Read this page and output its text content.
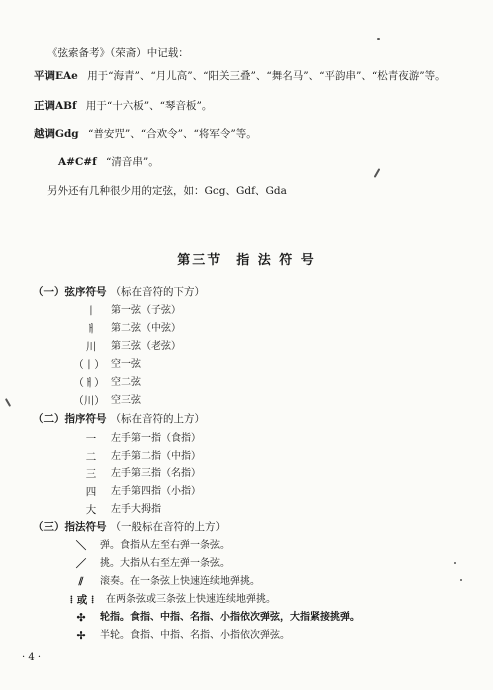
《弦索备考》（荣斋）中记载：
平调EAe 用于“海青”、“月儿高”、“阳关三叠”、“舞名马”、“平韵串”、“松青夜游”等。
正调ABf 用于“十六板”、“琴音板”。
越调Gdg “普安咒”、“合欢令”、“将军令”等。
A#C#f “清音串”。
另外还有几种很少用的定弦，如：Gcg、Gdf、Gda
第三节 指 法 符 号
（一）弦序符号 （标在音符的下方）
丨	第一弦（子弦）
ㅐ	第二弦（中弦）
川	第三弦（老弦）
（丨） 空一弦
（ㅐ） 空二弦
（川） 空三弦
（二）指序符号 （标在音符的上方）
一	左手第一指（食指）
二	左手第二指（中指）
三	左手第三指（名指）
四	左手第四指（小指）
大	左手大拇指
（三）指法符号 （一般标在音符的上方）
＼	弹。食指从左至右弹一条弦。
／	挑。大指从右至左弹一条弦。
⫽	滚奏。在一条弦上快速连续地弹挑。
⁞ 或 ⁞	在两条弦或三条弦上快速连续地弹挑。
✣	轮指。食指、中指、名指、小指依次弹弦，大指紧接挑弹。
✢	半轮。食指、中指、名指、小指依次弹弦。
· 4 ·
